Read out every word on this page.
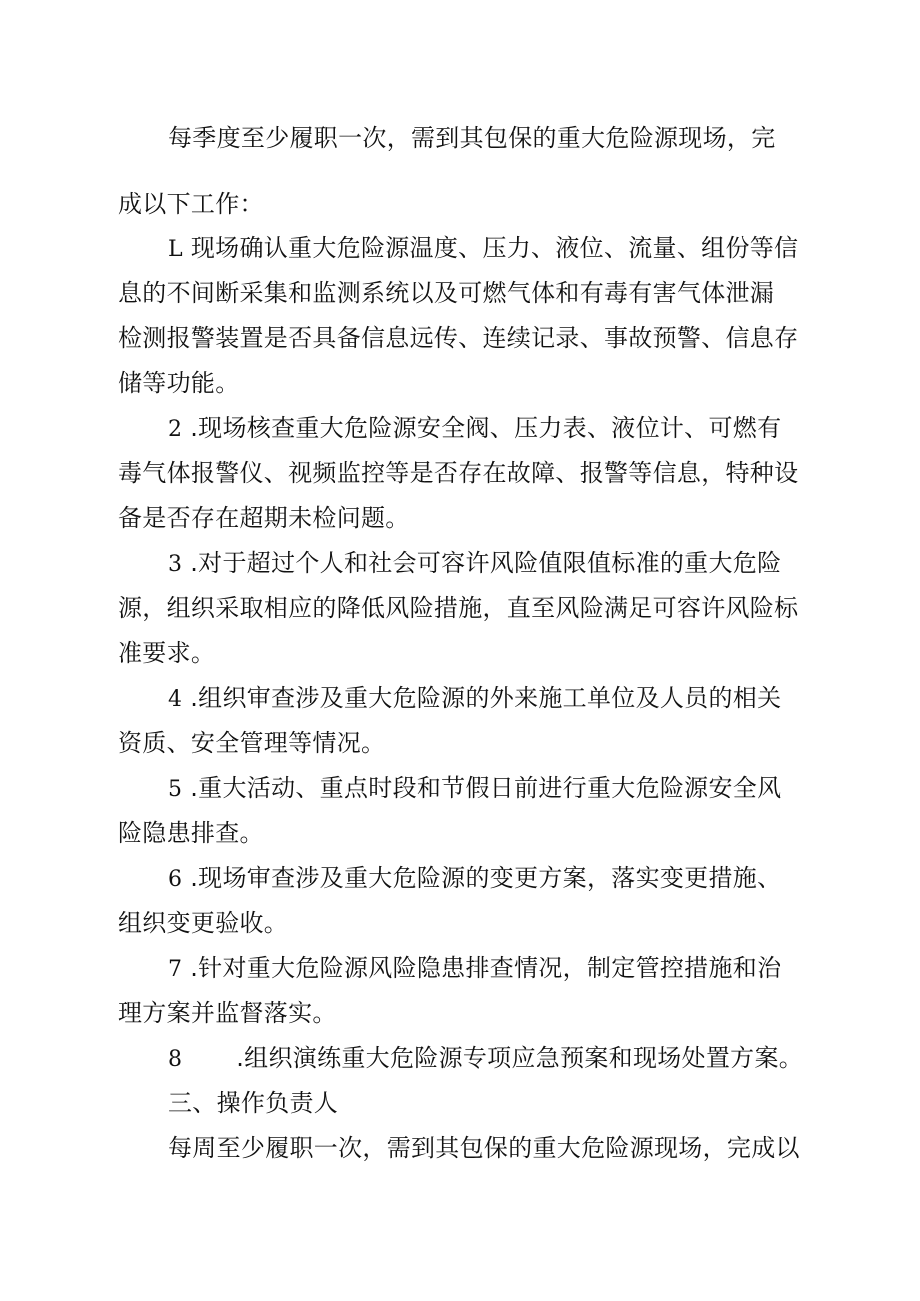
每季度至少履职一次，需到其包保的重大危险源现场，完
成以下工作：
L 现场确认重大危险源温度、压力、液位、流量、组份等信
息的不间断采集和监测系统以及可燃气体和有毒有害气体泄漏
检测报警装置是否具备信息远传、连续记录、事故预警、信息存
储等功能。
2 .现场核查重大危险源安全阀、压力表、液位计、可燃有
毒气体报警仪、视频监控等是否存在故障、报警等信息，特种设
备是否存在超期未检问题。
3 .对于超过个人和社会可容许风险值限值标准的重大危险
源，组织采取相应的降低风险措施，直至风险满足可容许风险标
准要求。
4 .组织审查涉及重大危险源的外来施工单位及人员的相关
资质、安全管理等情况。
5 .重大活动、重点时段和节假日前进行重大危险源安全风
险隐患排查。
6 .现场审查涉及重大危险源的变更方案，落实变更措施、
组织变更验收。
7 .针对重大危险源风险隐患排查情况，制定管控措施和治
理方案并监督落实。
8 .组织演练重大危险源专项应急预案和现场处置方案。
三、操作负责人
每周至少履职一次，需到其包保的重大危险源现场，完成以
